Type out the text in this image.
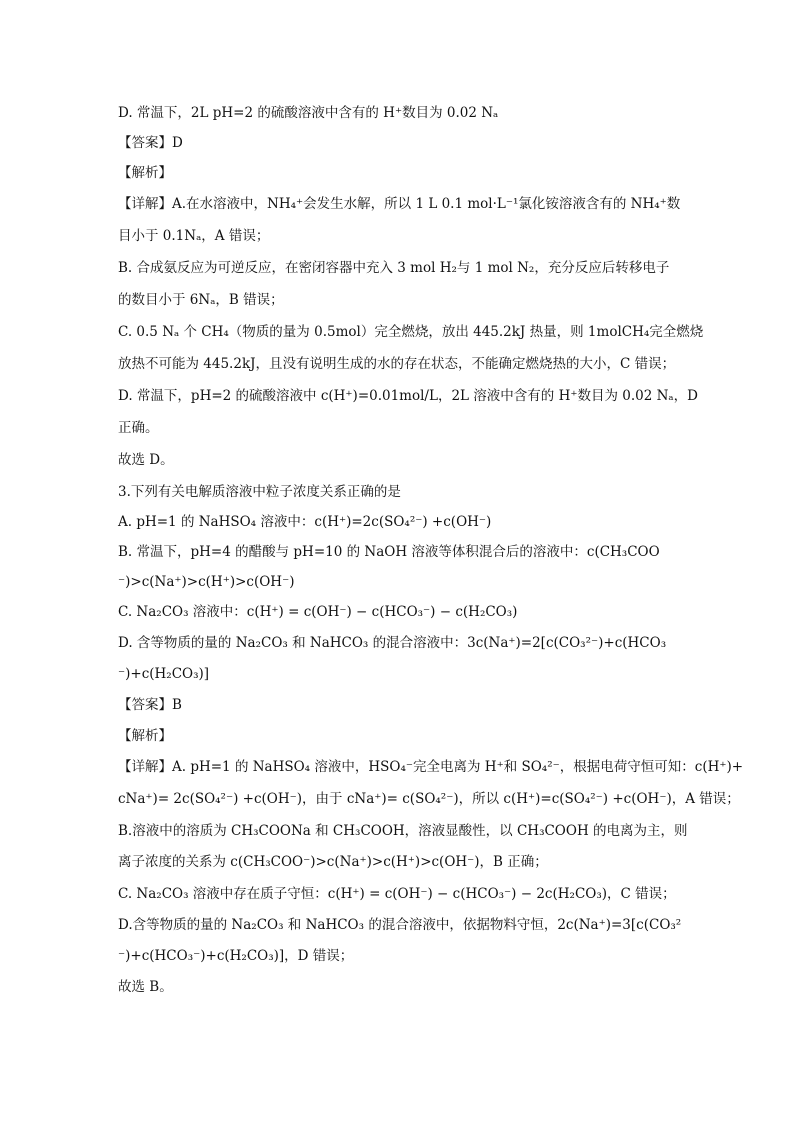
D. 常温下，2L pH=2 的硫酸溶液中含有的 H⁺数目为 0.02 Nₐ
【答案】D
【解析】
【详解】A.在水溶液中，NH₄⁺会发生水解，所以 1 L 0.1 mol·L⁻¹氯化铵溶液含有的 NH₄⁺数
目小于 0.1Nₐ，A 错误；
B. 合成氨反应为可逆反应，在密闭容器中充入 3 mol H₂与 1 mol N₂，充分反应后转移电子
的数目小于 6Nₐ，B 错误；
C. 0.5 Nₐ 个 CH₄（物质的量为 0.5mol）完全燃烧，放出 445.2kJ 热量，则 1molCH₄完全燃烧
放热不可能为 445.2kJ，且没有说明生成的水的存在状态，不能确定燃烧热的大小，C 错误；
D. 常温下，pH=2 的硫酸溶液中 c(H⁺)=0.01mol/L，2L 溶液中含有的 H⁺数目为 0.02 Nₐ，D
正确。
故选 D。
3.下列有关电解质溶液中粒子浓度关系正确的是
A. pH=1 的 NaHSO₄ 溶液中：c(H⁺)=2c(SO₄²⁻) +c(OH⁻)
B. 常温下，pH=4 的醋酸与 pH=10 的 NaOH 溶液等体积混合后的溶液中：c(CH₃COO
⁻)>c(Na⁺)>c(H⁺)>c(OH⁻)
C. Na₂CO₃ 溶液中：c(H⁺) = c(OH⁻) − c(HCO₃⁻) − c(H₂CO₃)
D. 含等物质的量的 Na₂CO₃ 和 NaHCO₃ 的混合溶液中：3c(Na⁺)=2[c(CO₃²⁻)+c(HCO₃
⁻)+c(H₂CO₃)]
【答案】B
【解析】
【详解】A. pH=1 的 NaHSO₄ 溶液中，HSO₄⁻完全电离为 H⁺和 SO₄²⁻，根据电荷守恒可知：c(H⁺)+
cNa⁺)= 2c(SO₄²⁻) +c(OH⁻)，由于 cNa⁺)= c(SO₄²⁻)，所以 c(H⁺)=c(SO₄²⁻) +c(OH⁻)，A 错误；
B.溶液中的溶质为 CH₃COONa 和 CH₃COOH，溶液显酸性，以 CH₃COOH 的电离为主，则
离子浓度的关系为 c(CH₃COO⁻)>c(Na⁺)>c(H⁺)>c(OH⁻)，B 正确；
C. Na₂CO₃ 溶液中存在质子守恒：c(H⁺) = c(OH⁻) − c(HCO₃⁻) − 2c(H₂CO₃)，C 错误；
D.含等物质的量的 Na₂CO₃ 和 NaHCO₃ 的混合溶液中，依据物料守恒，2c(Na⁺)=3[c(CO₃²
⁻)+c(HCO₃⁻)+c(H₂CO₃)]，D 错误；
故选 B。
